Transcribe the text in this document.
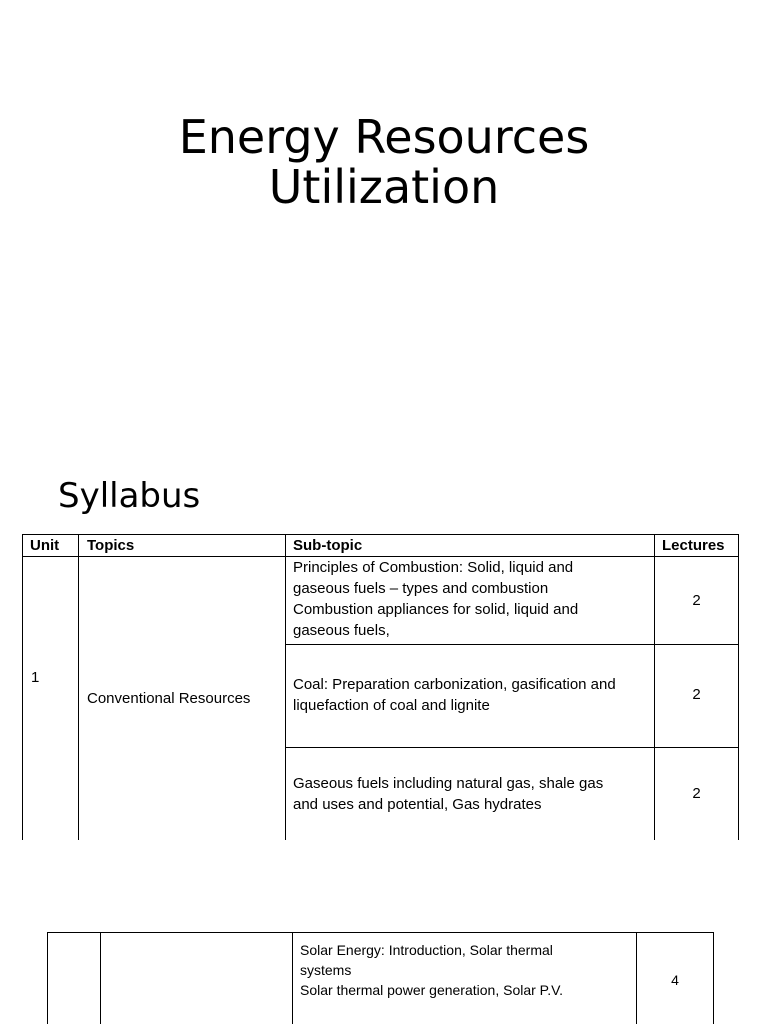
Energy Resources
Utilization
Syllabus
Unit Topics	Sub-topic	Lectures
1
Conventional Resources
Principles of Combustion: Solid, liquid and
gaseous fuels – types and combustion
Combustion appliances for solid, liquid and
gaseous fuels,
2
Coal: Preparation carbonization, gasification and
liquefaction of coal and lignite
2
Gaseous fuels including natural gas, shale gas
and uses and potential, Gas hydrates
2
Solar Energy: Introduction, Solar thermal
systems
Solar thermal power generation, Solar P.V.
4
